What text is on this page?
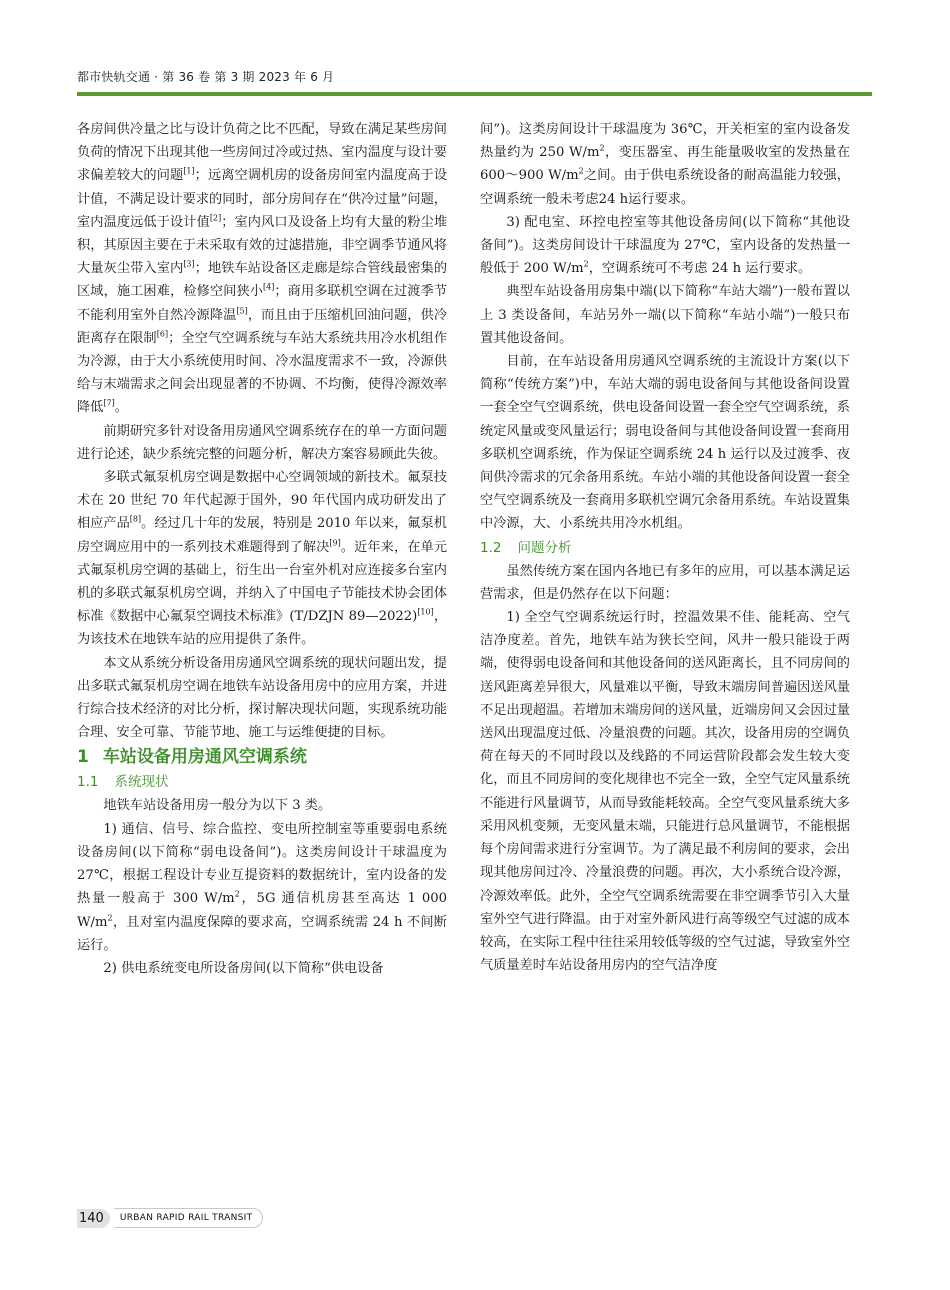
都市快轨交通 · 第 36 卷 第 3 期 2023 年 6 月

各房间供冷量之比与设计负荷之比不匹配，导致在满足某些房间负荷的情况下出现其他一些房间过冷或过热、室内温度与设计要求偏差较大的问题[1]；远离空调机房的设备房间室内温度高于设计值，不满足设计要求的同时，部分房间存在“供冷过量”问题，室内温度远低于设计值[2]；室内风口及设备上均有大量的粉尘堆积，其原因主要在于未采取有效的过滤措施，非空调季节通风将大量灰尘带入室内[3]；地铁车站设备区走廊是综合管线最密集的区域，施工困难，检修空间狭小[4]；商用多联机空调在过渡季节不能利用室外自然冷源降温[5]，而且由于压缩机回油问题，供冷距离存在限制[6]；全空气空调系统与车站大系统共用冷水机组作为冷源，由于大小系统使用时间、冷水温度需求不一致，冷源供给与末端需求之间会出现显著的不协调、不均衡，使得冷源效率降低[7]。

前期研究多针对设备用房通风空调系统存在的单一方面问题进行论述，缺少系统完整的问题分析，解决方案容易顾此失彼。

多联式氟泵机房空调是数据中心空调领域的新技术。氟泵技术在 20 世纪 70 年代起源于国外，90 年代国内成功研发出了相应产品[8]。经过几十年的发展，特别是 2010 年以来，氟泵机房空调应用中的一系列技术难题得到了解决[9]。近年来，在单元式氟泵机房空调的基础上，衍生出一台室外机对应连接多台室内机的多联式氟泵机房空调，并纳入了中国电子节能技术协会团体标准《数据中心氟泵空调技术标准》(T/DZJN 89—2022)[10]，为该技术在地铁车站的应用提供了条件。

本文从系统分析设备用房通风空调系统的现状问题出发，提出多联式氟泵机房空调在地铁车站设备用房中的应用方案，并进行综合技术经济的对比分析，探讨解决现状问题，实现系统功能合理、安全可靠、节能节地、施工与运维便捷的目标。

1 车站设备用房通风空调系统

1.1 系统现状

地铁车站设备用房一般分为以下 3 类。

1) 通信、信号、综合监控、变电所控制室等重要弱电系统设备房间(以下简称“弱电设备间”)。这类房间设计干球温度为 27℃，根据工程设计专业互提资料的数据统计，室内设备的发热量一般高于 300 $W/m^2$，5G 通信机房甚至高达 1 000 $W/m^2$，且对室内温度保障的要求高，空调系统需 24 h 不间断运行。

2) 供电系统变电所设备房间(以下简称“供电设备

间”)。这类房间设计干球温度为 36℃，开关柜室的室内设备发热量约为 250 $W/m^2$，变压器室、再生能量吸收室的发热量在 600～900 $W/m^2$之间。由于供电系统设备的耐高温能力较强，空调系统一般未考虑24 h运行要求。

3) 配电室、环控电控室等其他设备房间(以下简称“其他设备间”)。这类房间设计干球温度为 27℃，室内设备的发热量一般低于 200 $W/m^2$，空调系统可不考虑 24 h 运行要求。

典型车站设备用房集中端(以下简称“车站大端”)一般布置以上 3 类设备间，车站另外一端(以下简称“车站小端”)一般只布置其他设备间。

目前，在车站设备用房通风空调系统的主流设计方案(以下简称“传统方案”)中，车站大端的弱电设备间与其他设备间设置一套全空气空调系统，供电设备间设置一套全空气空调系统，系统定风量或变风量运行；弱电设备间与其他设备间设置一套商用多联机空调系统，作为保证空调系统 24 h 运行以及过渡季、夜间供冷需求的冗余备用系统。车站小端的其他设备间设置一套全空气空调系统及一套商用多联机空调冗余备用系统。车站设置集中冷源，大、小系统共用冷水机组。

1.2 问题分析

虽然传统方案在国内各地已有多年的应用，可以基本满足运营需求，但是仍然存在以下问题：

1) 全空气空调系统运行时，控温效果不佳、能耗高、空气洁净度差。首先，地铁车站为狭长空间，风井一般只能设于两端，使得弱电设备间和其他设备间的送风距离长，且不同房间的送风距离差异很大，风量难以平衡，导致末端房间普遍因送风量不足出现超温。若增加末端房间的送风量，近端房间又会因过量送风出现温度过低、冷量浪费的问题。其次，设备用房的空调负荷在每天的不同时段以及线路的不同运营阶段都会发生较大变化，而且不同房间的变化规律也不完全一致，全空气定风量系统不能进行风量调节，从而导致能耗较高。全空气变风量系统大多采用风机变频，无变风量末端，只能进行总风量调节，不能根据每个房间需求进行分室调节。为了满足最不利房间的要求，会出现其他房间过冷、冷量浪费的问题。再次，大小系统合设冷源，冷源效率低。此外，全空气空调系统需要在非空调季节引入大量室外空气进行降温。由于对室外新风进行高等级空气过滤的成本较高，在实际工程中往往采用较低等级的空气过滤，导致室外空气质量差时车站设备用房内的空气洁净度

140	URBAN RAPID RAIL TRANSIT
